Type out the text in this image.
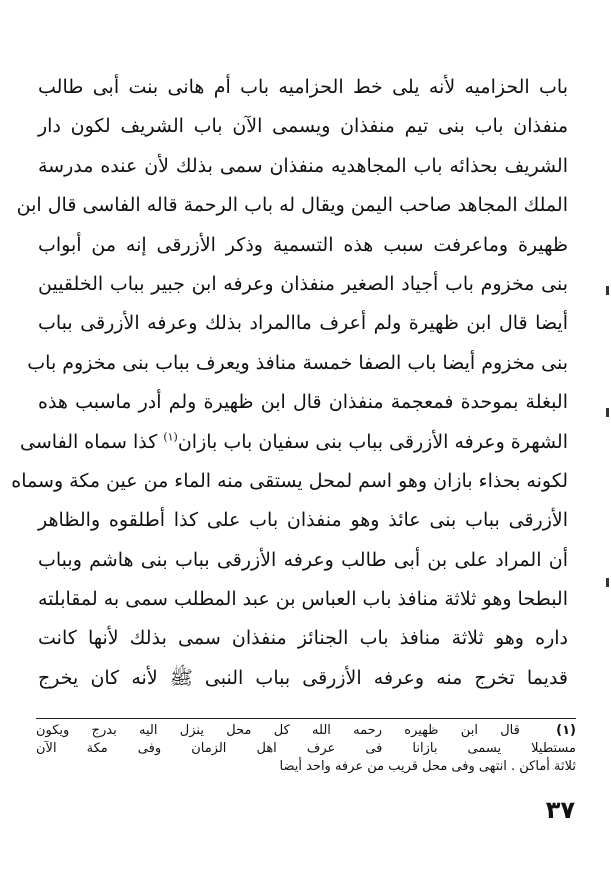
باب الحزاميه لأنه يلى خط الحزاميه باب أم هانى بنت أبى طالب
منفذان باب بنى تيم منفذان ويسمى الآن باب الشريف لكون دار
الشريف بحذائه باب المجاهديه منفذان سمى بذلك لأن عنده مدرسة
الملك المجاهد صاحب اليمن ويقال له باب الرحمة قاله الفاسى قال ابن
ظهيرة وماعرفت سبب هذه التسمية وذكر الأزرقى إنه من أبواب
بنى مخزوم باب أجياد الصغير منفذان وعرفه ابن جبير بباب الخلقيين
أيضا قال ابن ظهيرة ولم أعرف ماالمراد بذلك وعرفه الأزرقى بباب
بنى مخزوم أيضا باب الصفا خمسة منافذ ويعرف بباب بنى مخزوم باب
البغلة بموحدة فمعجمة منفذان قال ابن ظهيرة ولم أدر ماسبب هذه
الشهرة وعرفه الأزرقى بباب بنى سفيان باب بازان$^{(١)}$ كذا سماه الفاسى
لكونه بحذاء بازان وهو اسم لمحل يستقى منه الماء من عين مكة وسماه
الأزرقى بباب بنى عائذ وهو منفذان باب على كذا أطلقوه والظاهر
أن المراد على بن أبى طالب وعرفه الأزرقى بباب بنى هاشم وبباب
البطحا وهو ثلاثة منافذ باب العباس بن عبد المطلب سمى به لمقابلته
داره وهو ثلاثة منافذ باب الجنائز منفذان سمى بذلك لأنها كانت
قديما تخرج منه وعرفه الأزرقى بباب النبى ﷺ لأنه كان يخرج
(١) قال ابن ظهيره رحمه الله كل محل ينزل اليه بدرج ويكون
مستطيلا يسمى بازانا فى عرف اهل الزمان وفى مكة الآن
ثلاثة أماكن . انتهى وفى محل قريب من عرفه واحد أيضا
٣٧
